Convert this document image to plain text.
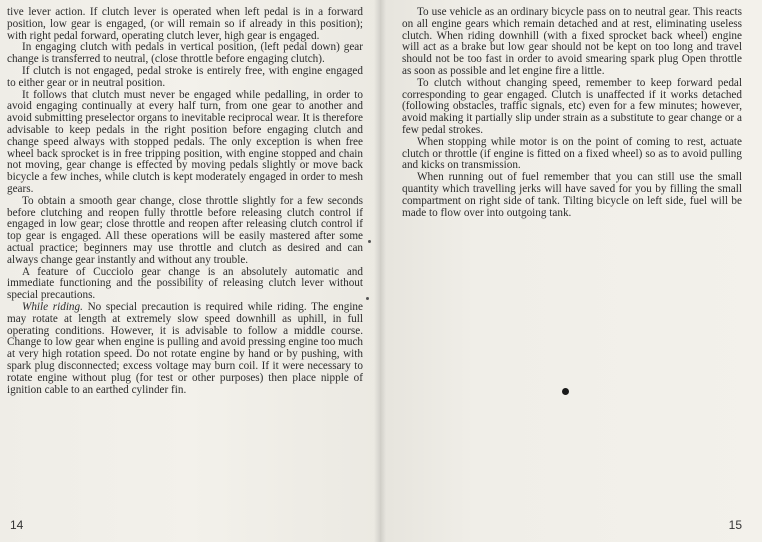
tive lever action. If clutch lever is operated when left pedal is in a forward position, low gear is engaged, (or will remain so if already in this position); with right pedal forward, operating clutch lever, high gear is engaged.

In engaging clutch with pedals in vertical position, (left pedal down) gear change is transferred to neutral, (close throttle before engaging clutch).

If clutch is not engaged, pedal stroke is entirely free, with engine engaged to either gear or in neutral position.

It follows that clutch must never be engaged while pedalling, in order to avoid engaging continually at every half turn, from one gear to another and avoid submitting preselector organs to inevitable reciprocal wear. It is therefore advisable to keep pedals in the right position before engaging clutch and change speed always with stopped pedals. The only exception is when free wheel back sprocket is in free tripping position, with engine stopped and chain not moving, gear change is effected by moving pedals slightly or move back bicycle a few inches, while clutch is kept moderately engaged in order to mesh gears.

To obtain a smooth gear change, close throttle slightly for a few seconds before clutching and reopen fully throttle before releasing clutch control if engaged in low gear; close throttle and reopen after releasing clutch control if top gear is engaged. All these operations will be easily mastered after some actual practice; beginners may use throttle and clutch as desired and can always change gear instantly and without any trouble.

A feature of Cucciolo gear change is an absolutely automatic and immediate functioning and the possibility of releasing clutch lever without special precautions.

While riding. No special precaution is required while riding. The engine may rotate at length at extremely slow speed downhill as uphill, in full operating conditions. However, it is advisable to follow a middle course. Change to low gear when engine is pulling and avoid pressing engine too much at very high rotation speed. Do not rotate engine by hand or by pushing, with spark plug disconnected; excess voltage may burn coil. If it were necessary to rotate engine without plug (for test or other purposes) then place nipple of ignition cable to an earthed cylinder fin.

14

To use vehicle as an ordinary bicycle pass on to neutral gear. This reacts on all engine gears which remain detached and at rest, eliminating useless clutch. When riding downhill (with a fixed sprocket back wheel) engine will act as a brake but low gear should not be kept on too long and travel should not be too fast in order to avoid smearing spark plug Open throttle as soon as possible and let engine fire a little.

To clutch without changing speed, remember to keep forward pedal corresponding to gear engaged. Clutch is unaffected if it works detached (following obstacles, traffic signals, etc) even for a few minutes; however, avoid making it partially slip under strain as a substitute to gear change or a few pedal strokes.

When stopping while motor is on the point of coming to rest, actuate clutch or throttle (if engine is fitted on a fixed wheel) so as to avoid pulling and kicks on transmission.

When running out of fuel remember that you can still use the small quantity which travelling jerks will have saved for you by filling the small compartment on right side of tank. Tilting bicycle on left side, fuel will be made to flow over into outgoing tank.

15
